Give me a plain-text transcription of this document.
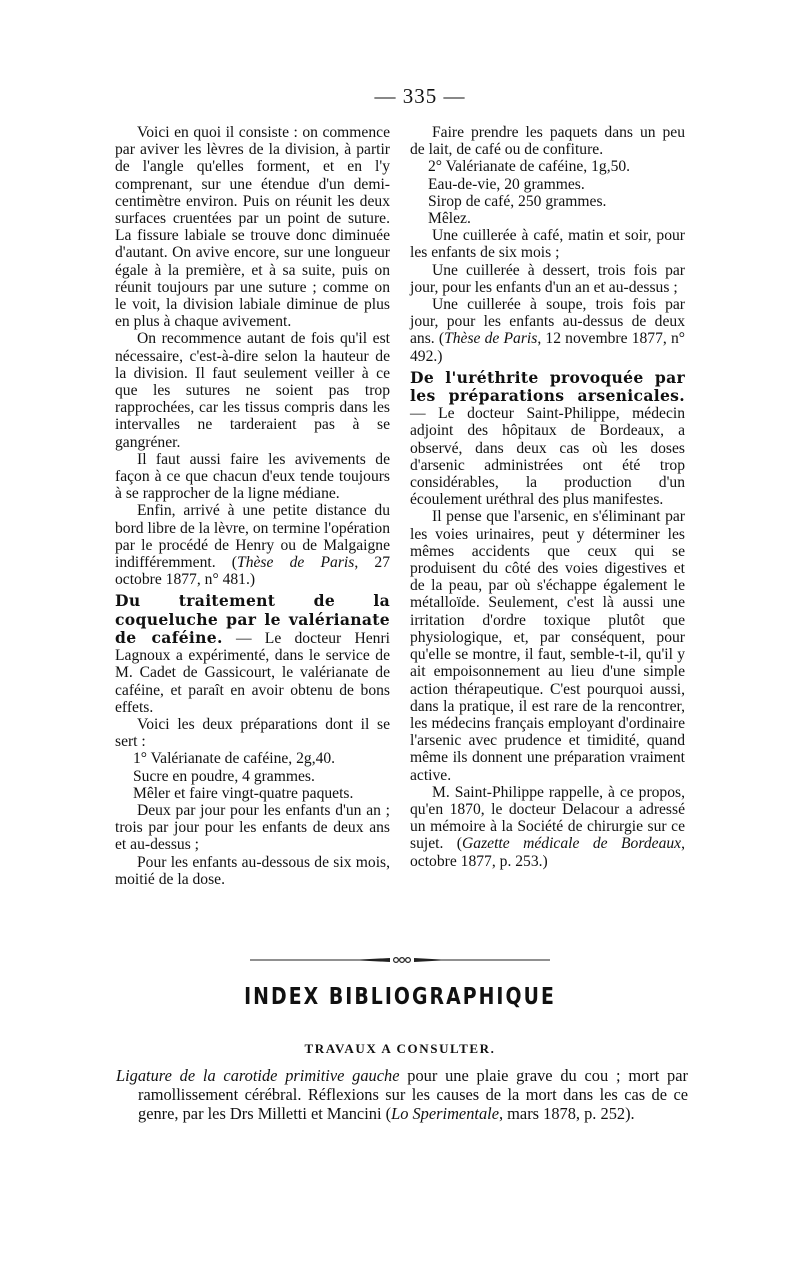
— 335 —

Voici en quoi il consiste : on commence par aviver les lèvres de la division, à partir de l'angle qu'elles forment, et en l'y comprenant, sur une étendue d'un demi-centimètre environ. Puis on réunit les deux surfaces cruentées par un point de suture. La fissure labiale se trouve donc diminuée d'autant. On avive encore, sur une longueur égale à la première, et à sa suite, puis on réunit toujours par une suture ; comme on le voit, la division labiale diminue de plus en plus à chaque avivement.

On recommence autant de fois qu'il est nécessaire, c'est-à-dire selon la hauteur de la division. Il faut seulement veiller à ce que les sutures ne soient pas trop rapprochées, car les tissus compris dans les intervalles ne tarderaient pas à se gangréner.

Il faut aussi faire les avivements de façon à ce que chacun d'eux tende toujours à se rapprocher de la ligne médiane.

Enfin, arrivé à une petite distance du bord libre de la lèvre, on termine l'opération par le procédé de Henry ou de Malgaigne indifféremment. (Thèse de Paris, 27 octobre 1877, n° 481.)

Du traitement de la coqueluche par le valérianate de caféine. — Le docteur Henri Lagnoux a expérimenté, dans le service de M. Cadet de Gassicourt, le valérianate de caféine, et paraît en avoir obtenu de bons effets.

Voici les deux préparations dont il se sert :

1° Valérianate de caféine, 2g,40.

Sucre en poudre, 4 grammes.

Mêler et faire vingt-quatre paquets.

Deux par jour pour les enfants d'un an ; trois par jour pour les enfants de deux ans et au-dessus ;

Pour les enfants au-dessous de six mois, moitié de la dose.

Faire prendre les paquets dans un peu de lait, de café ou de confiture.

2° Valérianate de caféine, 1g,50.

Eau-de-vie, 20 grammes.

Sirop de café, 250 grammes.

Mêlez.

Une cuillerée à café, matin et soir, pour les enfants de six mois ;

Une cuillerée à dessert, trois fois par jour, pour les enfants d'un an et au-dessus ;

Une cuillerée à soupe, trois fois par jour, pour les enfants au-dessus de deux ans. (Thèse de Paris, 12 novembre 1877, n° 492.)

De l'uréthrite provoquée par les préparations arsenicales. — Le docteur Saint-Philippe, médecin adjoint des hôpitaux de Bordeaux, a observé, dans deux cas où les doses d'arsenic administrées ont été trop considérables, la production d'un écoulement uréthral des plus manifestes.

Il pense que l'arsenic, en s'éliminant par les voies urinaires, peut y déterminer les mêmes accidents que ceux qui se produisent du côté des voies digestives et de la peau, par où s'échappe également le métalloïde. Seulement, c'est là aussi une irritation d'ordre toxique plutôt que physiologique, et, par conséquent, pour qu'elle se montre, il faut, semble-t-il, qu'il y ait empoisonnement au lieu d'une simple action thérapeutique. C'est pourquoi aussi, dans la pratique, il est rare de la rencontrer, les médecins français employant d'ordinaire l'arsenic avec prudence et timidité, quand même ils donnent une préparation vraiment active.

M. Saint-Philippe rappelle, à ce propos, qu'en 1870, le docteur Delacour a adressé un mémoire à la Société de chirurgie sur ce sujet. (Gazette médicale de Bordeaux, octobre 1877, p. 253.)

INDEX BIBLIOGRAPHIQUE
TRAVAUX A CONSULTER.

Ligature de la carotide primitive gauche pour une plaie grave du cou ; mort par ramollissement cérébral. Réflexions sur les causes de la mort dans les cas de ce genre, par les Drs Milletti et Mancini (Lo Sperimentale, mars 1878, p. 252).
